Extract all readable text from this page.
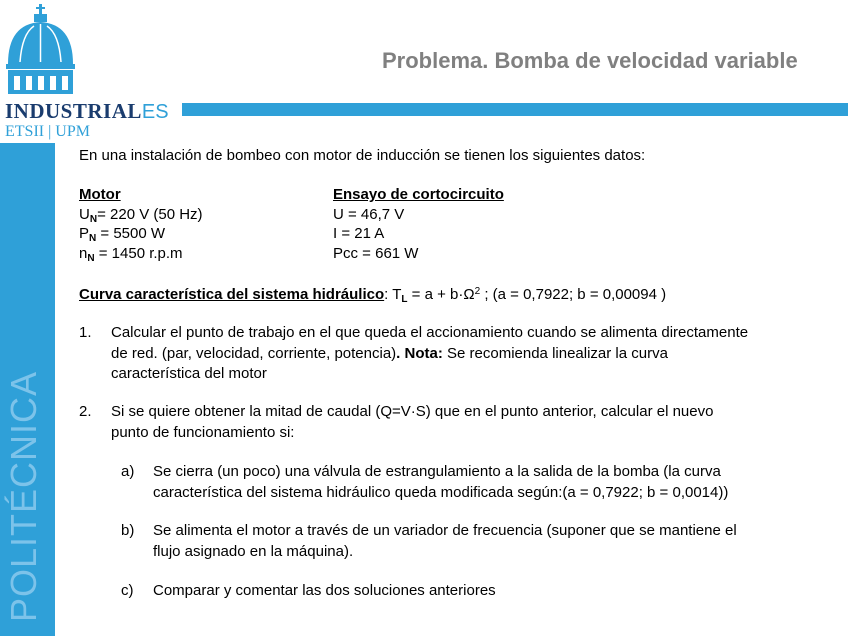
INDUSTRIALES
ETSII | UPM
POLITÉCNICA
Problema. Bomba de velocidad variable
En una instalación de bombeo con motor de inducción se tienen los siguientes datos:
Motor
$U_N= 220$ V (50 Hz)
$P_N = 5500$ W
$n_N = 1450$ r.p.m
Ensayo de cortocircuito
U = 46,7 V
I = 21 A
Pcc = 661 W
Curva característica del sistema hidráulico: $T_L = a + b\cdot\Omega^2$ ; (a = 0,7922; b = 0,00094 )
1. Calcular el punto de trabajo en el que queda el accionamiento cuando se alimenta directamente
de red. (par, velocidad, corriente, potencia). Nota: Se recomienda linealizar la curva
característica del motor
2. Si se quiere obtener la mitad de caudal (Q=V·S) que en el punto anterior, calcular el nuevo
punto de funcionamiento si:
a) Se cierra (un poco) una válvula de estrangulamiento a la salida de la bomba (la curva
característica del sistema hidráulico queda modificada según:(a = 0,7922; b = 0,0014))
b) Se alimenta el motor a través de un variador de frecuencia (suponer que se mantiene el
flujo asignado en la máquina).
c) Comparar y comentar las dos soluciones anteriores
